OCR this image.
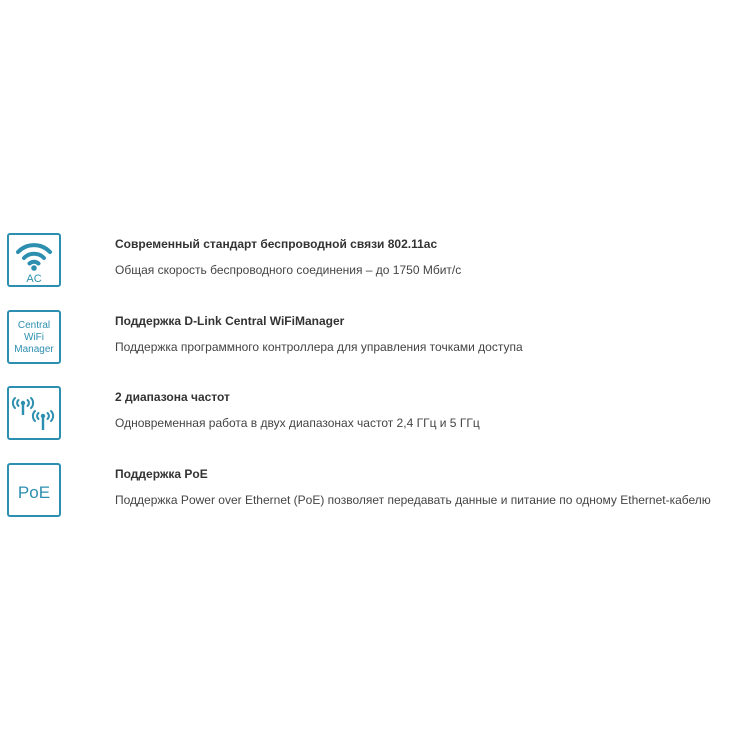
AC
Современный стандарт беспроводной связи 802.11ac
Общая скорость беспроводного соединения – до 1750 Мбит/с
Central
WiFi
Manager
Поддержка D-Link Central WiFiManager
Поддержка программного контроллера для управления точками доступа
2 диапазона частот
Одновременная работа в двух диапазонах частот 2,4 ГГц и 5 ГГц
PoE
Поддержка PoE
Поддержка Power over Ethernet (PoE) позволяет передавать данные и питание по одному Ethernet-кабелю
